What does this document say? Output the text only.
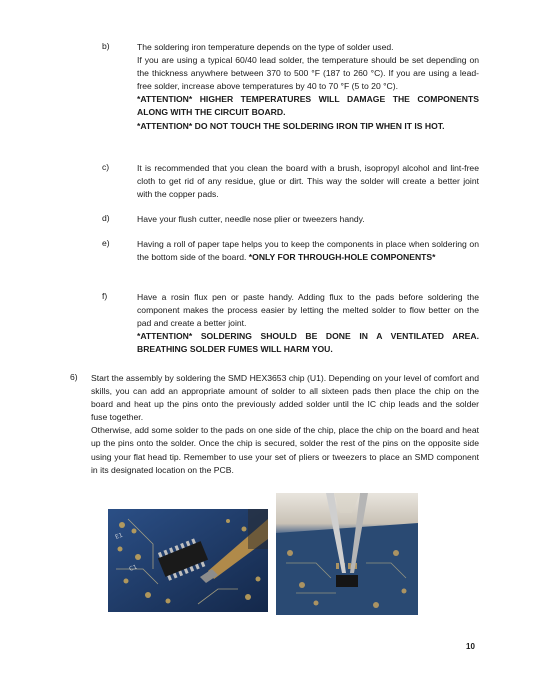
b)	The soldering iron temperature depends on the type of solder used.

If you are using a typical 60/40 lead solder, the temperature should be set depending on the thickness anywhere between 370 to 500 °F (187 to 260 °C). If you are using a lead-free solder, increase above temperatures by 40 to 70 °F (5 to 20 °C).

*ATTENTION* HIGHER TEMPERATURES WILL DAMAGE THE COMPONENTS ALONG WITH THE CIRCUIT BOARD.

*ATTENTION* DO NOT TOUCH THE SOLDERING IRON TIP WHEN IT IS HOT.

c)	It is recommended that you clean the board with a brush, isopropyl alcohol and lint-free cloth to get rid of any residue, glue or dirt. This way the solder will create a better joint with the copper pads.

d)	Have your flush cutter, needle nose plier or tweezers handy.

e)	Having a roll of paper tape helps you to keep the components in place when soldering on the bottom side of the board. *ONLY FOR THROUGH-HOLE COMPONENTS*

f)	Have a rosin flux pen or paste handy. Adding flux to the pads before soldering the component makes the process easier by letting the melted solder to flow better on the pad and create a better joint.

*ATTENTION* SOLDERING SHOULD BE DONE IN A VENTILATED AREA. BREATHING SOLDER FUMES WILL HARM YOU.

6) Start the assembly by soldering the SMD HEX3653 chip (U1). Depending on your level of comfort and skills, you can add an appropriate amount of solder to all sixteen pads then place the chip on the board and heat up the pins onto the previously added solder until the IC chip leads and the solder fuse together.

Otherwise, add some solder to the pads on one side of the chip, place the chip on the board and heat up the pins onto the solder. Once the chip is secured, solder the rest of the pins on the opposite side using your flat head tip. Remember to use your set of pliers or tweezers to place an SMD component in its designated location on the PCB.

E1
C1
10
